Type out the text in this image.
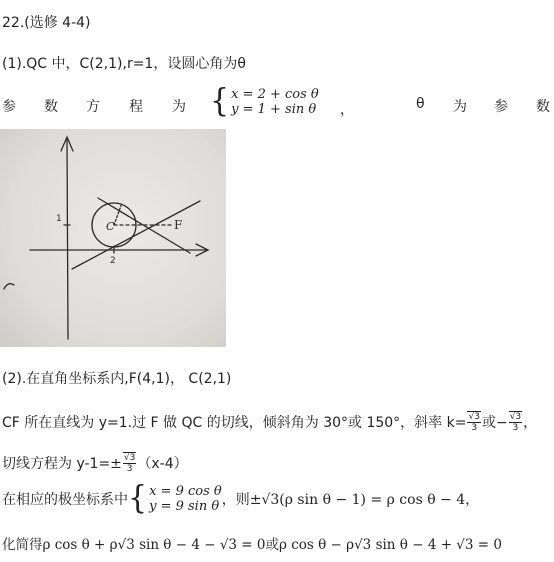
22.(选修 4-4)
(1).QC 中，C(2,1),r=1，设圆心角为θ
参 数 方 程 为 { x = 2 + cos θ
y = 1 + sin θ ，	θ 为 参 数
C	F
1
2
(2).在直角坐标系内,F(4,1)， C(2,1)
CF 所在直线为 y=1.过 F 做 QC 的切线，倾斜角为 30°或 150°，斜率 $k= \frac{√3}{3}$ 或− $\frac{√3}{3}$ ，
切线方程为 $y-1=\pm \frac{√3}{3} (x-4)$
在相应的极坐标系中 { x = 9 cos θ
y = 9 sin θ ，则±√3(ρ sin θ − 1) = ρ cos θ − 4，
化简得ρ cos θ + ρ√3 sin θ − 4 − √3 = 0或ρ cos θ − ρ√3 sin θ − 4 + √3 = 0
